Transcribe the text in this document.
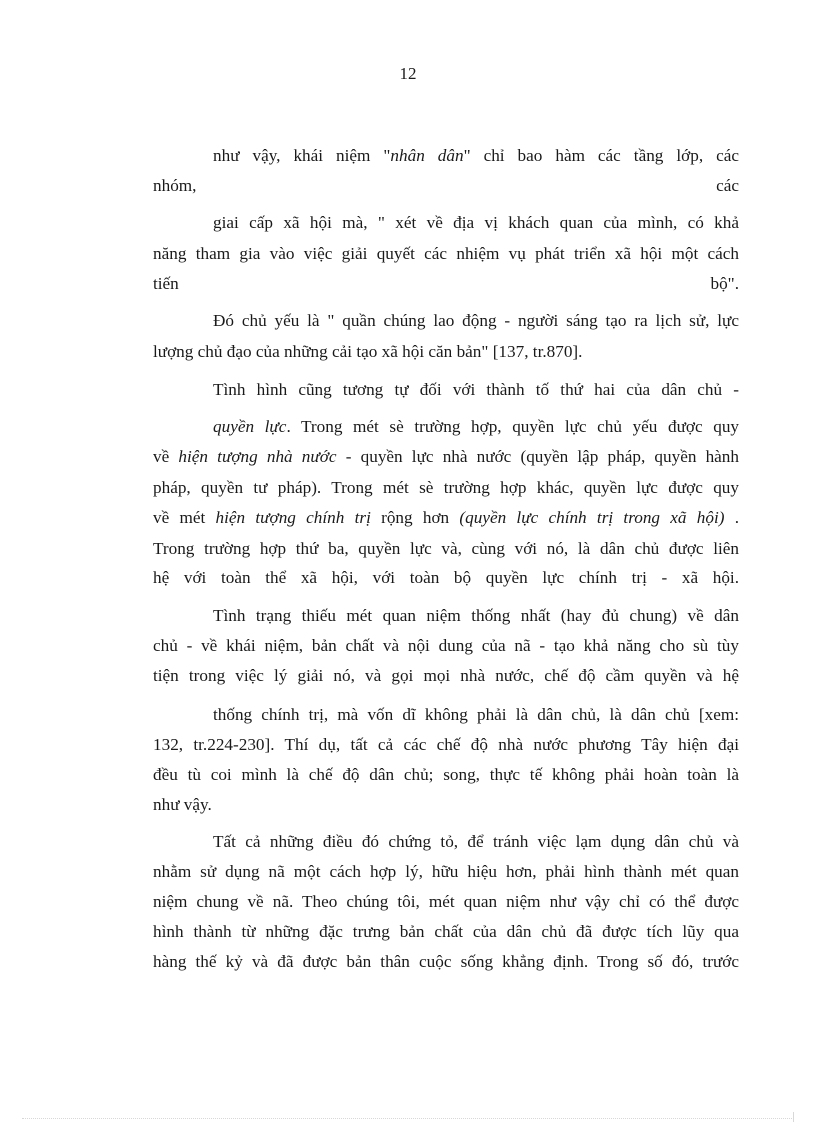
12
như vậy, khái niệm "nhân dân" chỉ bao hàm các tầng lớp, các
nhóm,	các
giai cấp xã hội mà, " xét về địa vị khách quan của mình, có khả
năng tham gia vào việc giải quyết các nhiệm vụ phát triển xã hội một cách
tiến	bộ".
Đó chủ yếu là " quần chúng lao động - người sáng tạo ra lịch sử, lực
lượng chủ đạo của những cải tạo xã hội căn bản" [137, tr.870].
Tình hình cũng tương tự đối với thành tố thứ hai của dân chủ -
quyền lực. Trong mét sè trường hợp, quyền lực chủ yếu được quy
về hiện tượng nhà nước - quyền lực nhà nước (quyền lập pháp, quyền hành
pháp, quyền tư pháp). Trong mét sè trường hợp khác, quyền lực được quy
về mét hiện tượng chính trị rộng hơn (quyền lực chính trị trong xã hội) .
Trong trường hợp thứ ba, quyền lực và, cùng với nó, là dân chủ được liên
hệ với toàn thể xã hội, với toàn bộ quyền lực chính trị - xã hội.
Tình trạng thiếu mét quan niệm thống nhất (hay đủ chung) về dân
chủ - về khái niệm, bản chất và nội dung của nã - tạo khả năng cho sù tùy
tiện trong việc lý giải nó, và gọi mọi nhà nước, chế độ cầm quyền và hệ
thống chính trị, mà vốn dĩ không phải là dân chủ, là dân chủ [xem:
132, tr.224-230]. Thí dụ, tất cả các chế độ nhà nước phương Tây hiện đại
đều tù coi mình là chế độ dân chủ; song, thực tế không phải hoàn toàn là
như vậy.
Tất cả những điều đó chứng tỏ, để tránh việc lạm dụng dân chủ và
nhằm sử dụng nã một cách hợp lý, hữu hiệu hơn, phải hình thành mét quan
niệm chung về nã. Theo chúng tôi, mét quan niệm như vậy chỉ có thể được
hình thành từ những đặc trưng bản chất của dân chủ đã được tích lũy qua
hàng thế kỷ và đã được bản thân cuộc sống khẳng định. Trong số đó, trước
